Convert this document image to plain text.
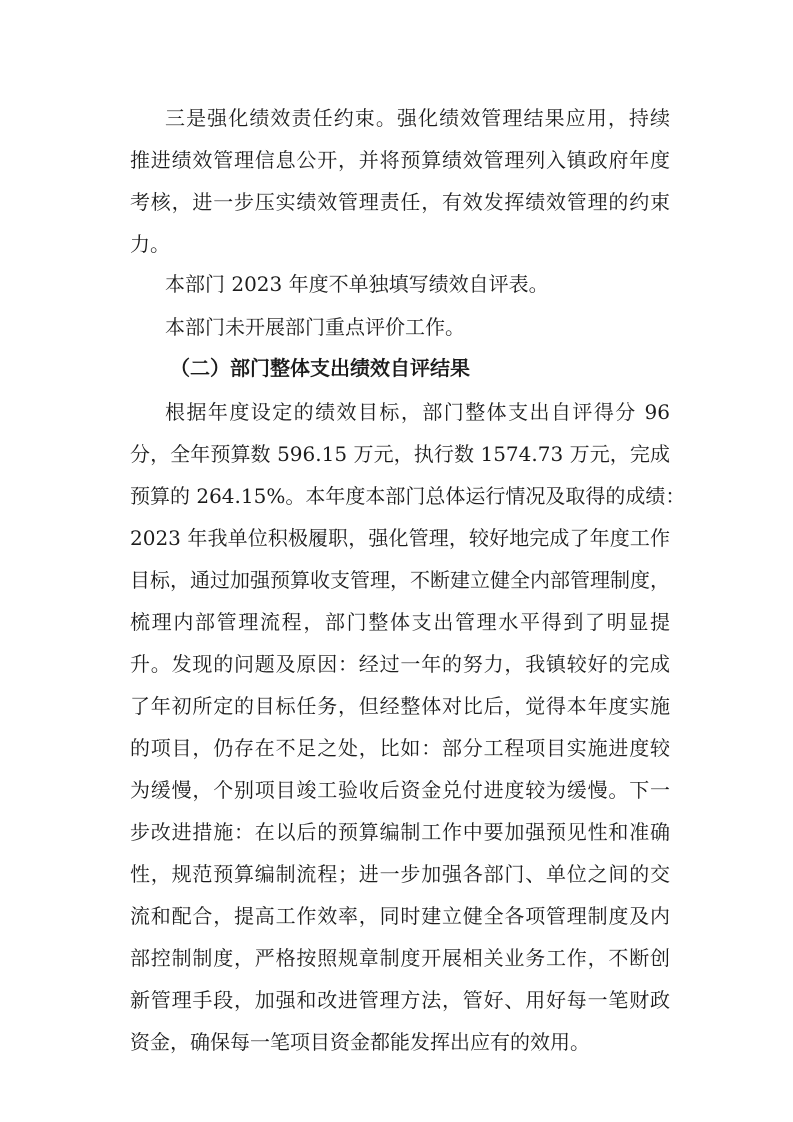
三是强化绩效责任约束。强化绩效管理结果应用，持续

推进绩效管理信息公开，并将预算绩效管理列入镇政府年度

考核，进一步压实绩效管理责任，有效发挥绩效管理的约束

力。

本部门 2023 年度不单独填写绩效自评表。

本部门未开展部门重点评价工作。

（二）部门整体支出绩效自评结果

根据年度设定的绩效目标，部门整体支出自评得分 96

分，全年预算数 596.15 万元，执行数 1574.73 万元，完成

预算的 264.15%。本年度本部门总体运行情况及取得的成绩：

2023 年我单位积极履职，强化管理，较好地完成了年度工作

目标，通过加强预算收支管理，不断建立健全内部管理制度，

梳理内部管理流程，部门整体支出管理水平得到了明显提

升。发现的问题及原因：经过一年的努力，我镇较好的完成

了年初所定的目标任务，但经整体对比后，觉得本年度实施

的项目，仍存在不足之处，比如：部分工程项目实施进度较

为缓慢，个别项目竣工验收后资金兑付进度较为缓慢。下一

步改进措施：在以后的预算编制工作中要加强预见性和准确

性，规范预算编制流程；进一步加强各部门、单位之间的交

流和配合，提高工作效率，同时建立健全各项管理制度及内

部控制制度，严格按照规章制度开展相关业务工作，不断创

新管理手段，加强和改进管理方法，管好、用好每一笔财政

资金，确保每一笔项目资金都能发挥出应有的效用。
